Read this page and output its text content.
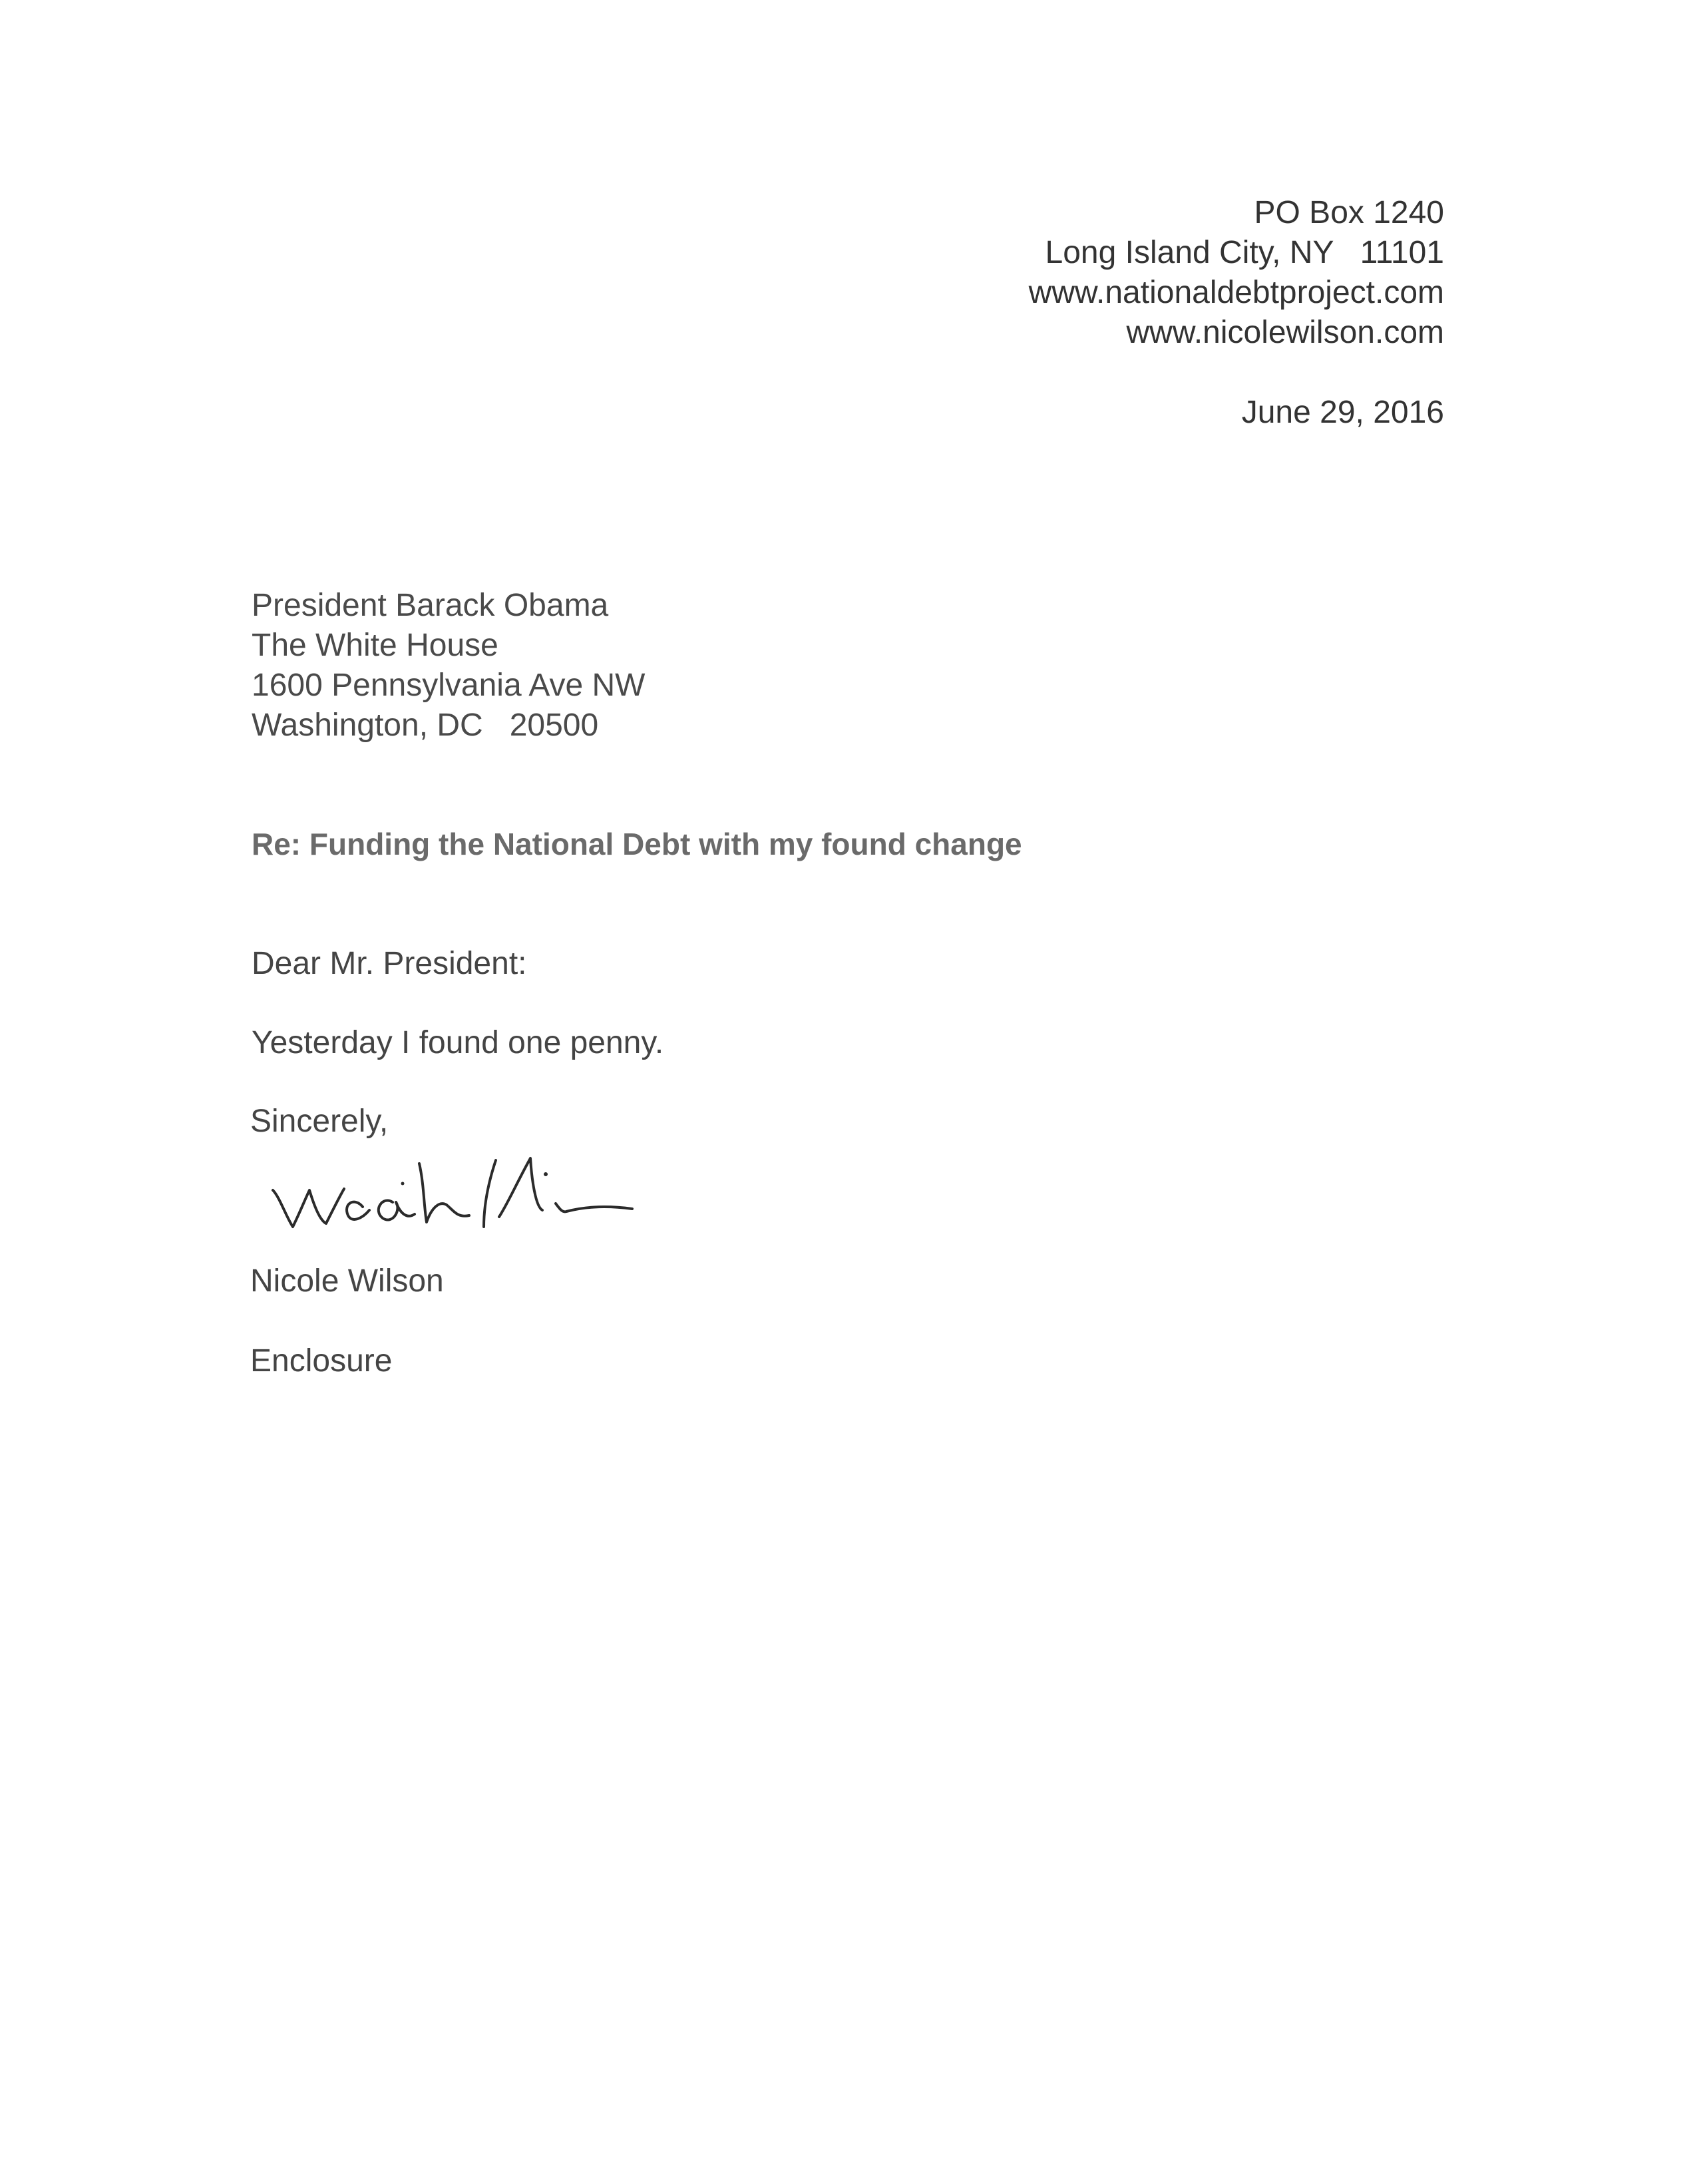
PO Box 1240
Long Island City, NY   11101
www.nationaldebtproject.com
www.nicolewilson.com
June 29, 2016
President Barack Obama
The White House
1600 Pennsylvania Ave NW
Washington, DC   20500
Re: Funding the National Debt with my found change
Dear Mr. President:
Yesterday I found one penny.
Sincerely,
Nicole Wilson
Enclosure
